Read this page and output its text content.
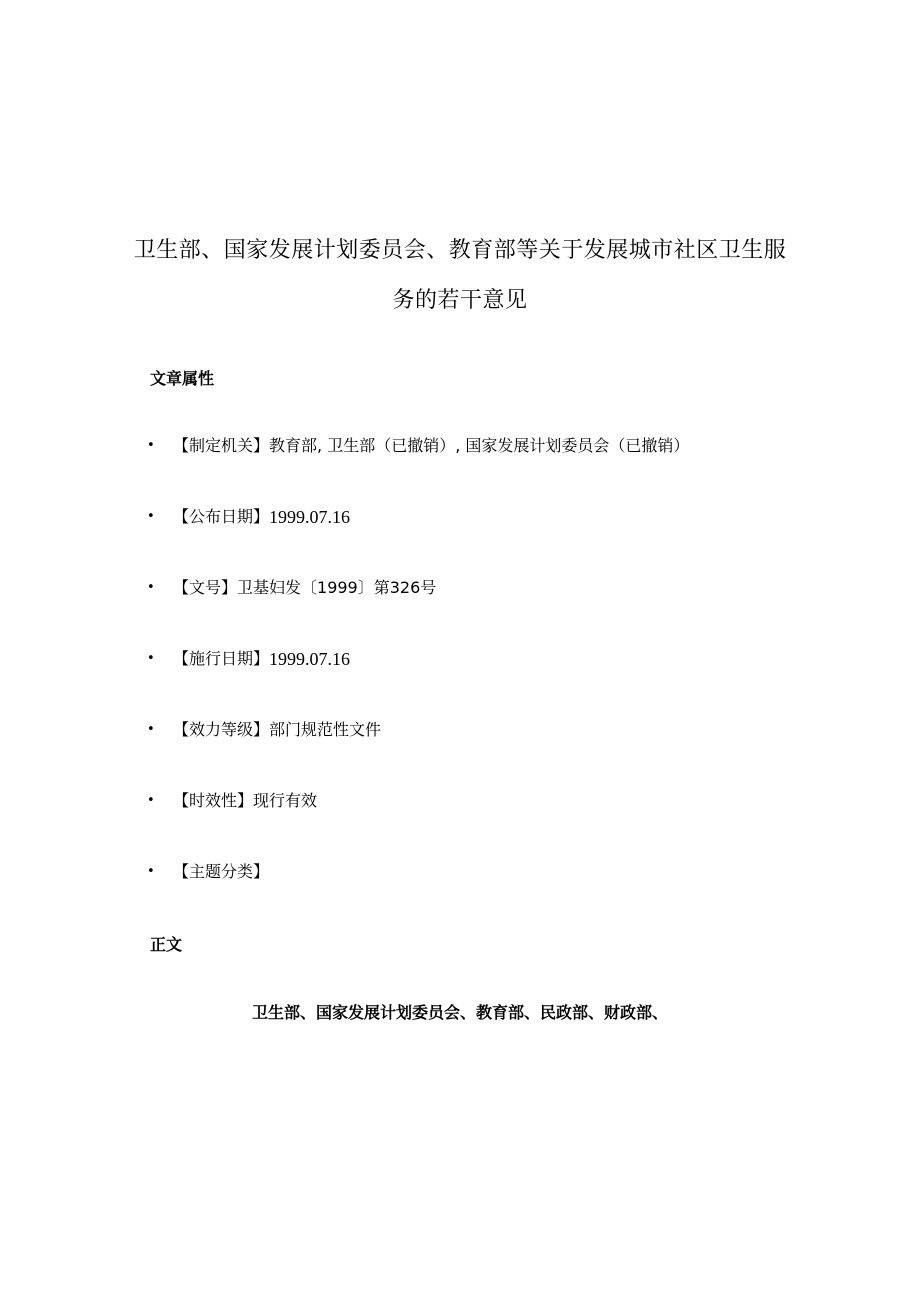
卫生部、国家发展计划委员会、教育部等关于发展城市社区卫生服
务的若干意见
文章属性
•	【制定机关】 教育部, 卫生部（已撤销）, 国家发展计划委员会（已撤销）
•	【公布日期】 1999.07.16
•	【文号】 卫基妇发〔1999〕第326号
•	【施行日期】 1999.07.16
•	【效力等级】 部门规范性文件
•	【时效性】 现行有效
•	【主题分类】
正文

卫生部、国家发展计划委员会、教育部、民政部、财政部、
